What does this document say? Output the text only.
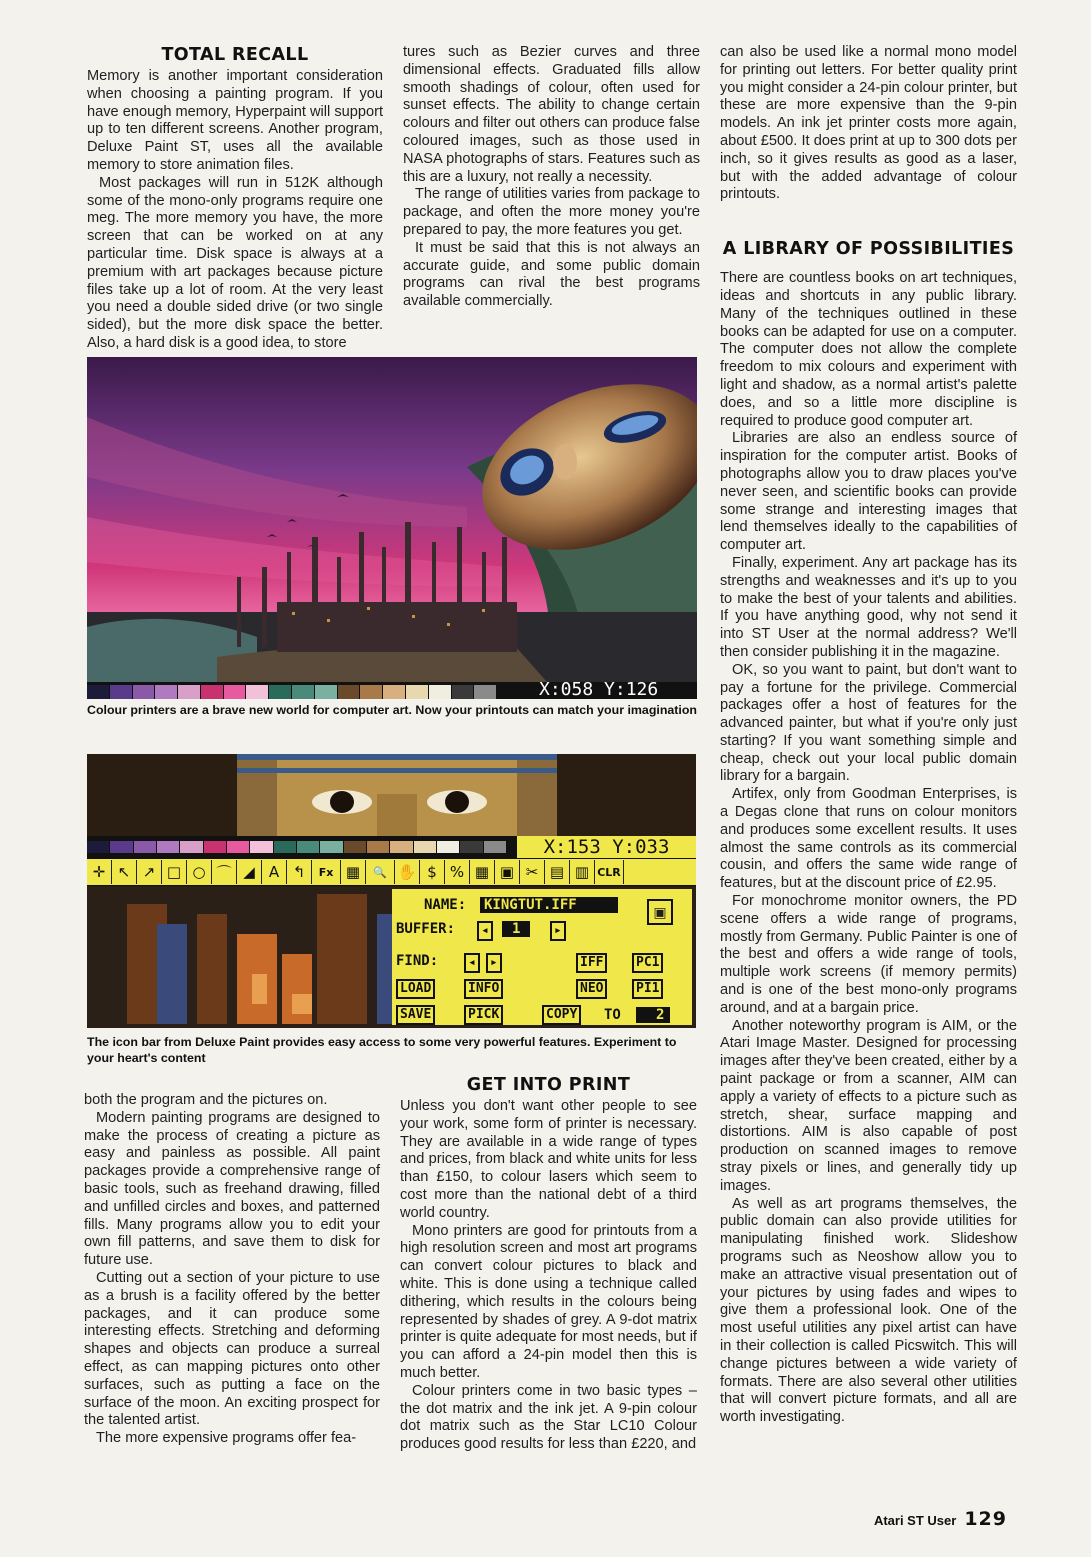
TOTAL RECALL

Memory is another important consideration when choosing a painting program. If you have enough memory, Hyperpaint will support up to ten different screens. Another program, Deluxe Paint ST, uses all the available memory to store animation files.

Most packages will run in 512K although some of the mono-only programs require one meg. The more memory you have, the more screen that can be worked on at any particular time. Disk space is always at a premium with art packages because picture files take up a lot of room. At the very least you need a double sided drive (or two single sided), but the more disk space the better. Also, a hard disk is a good idea, to store

tures such as Bezier curves and three dimensional effects. Graduated fills allow smooth shadings of colour, often used for sunset effects. The ability to change certain colours and filter out others can produce false coloured images, such as those used in NASA photographs of stars. Features such as this are a luxury, not really a necessity.

The range of utilities varies from package to package, and often the more money you're prepared to pay, the more features you get.

It must be said that this is not always an accurate guide, and some public domain programs can rival the best programs available commercially.

can also be used like a normal mono model for printing out letters. For better quality print you might consider a 24-pin colour printer, but these are more expensive than the 9-pin models. An ink jet printer costs more again, about £500. It does print at up to 300 dots per inch, so it gives results as good as a laser, but with the added advantage of colour printouts.

A LIBRARY OF POSSIBILITIES

There are countless books on art techniques, ideas and shortcuts in any public library. Many of the techniques outlined in these books can be adapted for use on a computer. The computer does not allow the complete freedom to mix colours and experiment with light and shadow, as a normal artist's palette does, and so a little more discipline is required to produce good computer art.

Libraries are also an endless source of inspiration for the computer artist. Books of photographs allow you to draw places you've never seen, and scientific books can provide some strange and interesting images that lend themselves ideally to the capabilities of computer art.

Finally, experiment. Any art package has its strengths and weaknesses and it's up to you to make the best of your talents and abilities. If you have anything good, why not send it into ST User at the normal address? We'll then consider publishing it in the magazine.

OK, so you want to paint, but don't want to pay a fortune for the privilege. Commercial packages offer a host of features for the advanced painter, but what if you're only just starting? If you want something simple and cheap, check out your local public domain library for a bargain.

Artifex, only from Goodman Enterprises, is a Degas clone that runs on colour monitors and produces some excellent results. It uses almost the same controls as its commercial cousin, and offers the same wide range of features, but at the discount price of £2.95.

For monochrome monitor owners, the PD scene offers a wide range of programs, mostly from Germany. Public Painter is one of the best and offers a wide range of tools, multiple work screens (if memory permits) and is one of the best mono-only programs around, and at a bargain price.

Another noteworthy program is AIM, or the Atari Image Master. Designed for processing images after they've been created, either by a paint package or from a scanner, AIM can apply a variety of effects to a picture such as stretch, shear, surface mapping and distortions. AIM is also capable of post production on scanned images to remove stray pixels or lines, and generally tidy up images.

As well as art programs themselves, the public domain can also provide utilities for manipulating finished work. Slideshow programs such as Neoshow allow you to make an attractive visual presentation out of your pictures by using fades and wipes to give them a professional look. One of the most useful utilities any pixel artist can have in their collection is called Picswitch. This will change pictures between a wide variety of formats. There are also several other utilities that will convert picture formats, and all are worth investigating.

X:058 Y:126
Colour printers are a brave new world for computer art. Now your printouts can match your imagination
X:153 Y:033
✛ ↖ ↗ □ ○ ⌒ ◢ A ↰	Fx ▦	🔍 ✋ $ % ▦ ▣ ✂ ▤ ▥ CLR
NAME: KINGTUT.IFF	▣
BUFFER:	◂	1	▸
FIND:	◂	▸
LOAD	INFO
SAVE	PICK
IFF	PC1
NEO	PI1
COPY TO	2
The icon bar from Deluxe Paint provides easy access to some very powerful features. Experiment to your heart's content

both the program and the pictures on.

Modern painting programs are designed to make the process of creating a picture as easy and painless as possible. All paint packages provide a comprehensive range of basic tools, such as freehand drawing, filled and unfilled circles and boxes, and patterned fills. Many programs allow you to edit your own fill patterns, and save them to disk for future use.

Cutting out a section of your picture to use as a brush is a facility offered by the better packages, and it can produce some interesting effects. Stretching and deforming shapes and objects can produce a surreal effect, as can mapping pictures onto other surfaces, such as putting a face on the surface of the moon. An exciting prospect for the talented artist.

The more expensive programs offer fea-

GET INTO PRINT

Unless you don't want other people to see your work, some form of printer is necessary. They are available in a wide range of types and prices, from black and white units for less than £150, to colour lasers which seem to cost more than the national debt of a third world country.

Mono printers are good for printouts from a high resolution screen and most art programs can convert colour pictures to black and white. This is done using a technique called dithering, which results in the colours being represented by shades of grey. A 9-dot matrix printer is quite adequate for most needs, but if you can afford a 24-pin model then this is much better.

Colour printers come in two basic types – the dot matrix and the ink jet. A 9-pin colour dot matrix such as the Star LC10 Colour produces good results for less than £220, and

Atari ST User 129
